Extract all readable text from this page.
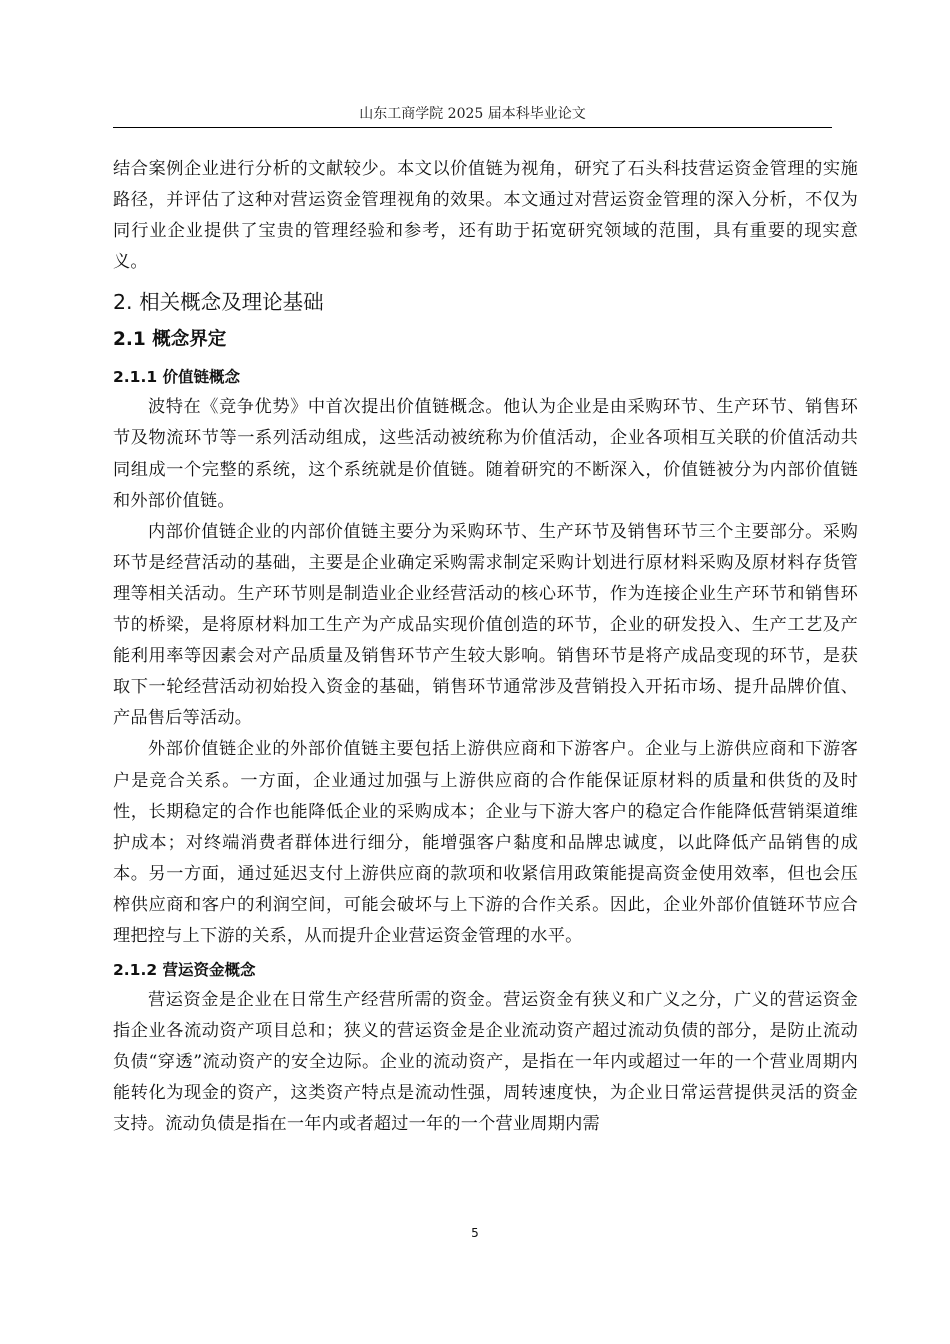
山东工商学院 2025 届本科毕业论文

结合案例企业进行分析的文献较少。本文以价值链为视角，研究了石头科技营运资金管理的实施路径，并评估了这种对营运资金管理视角的效果。本文通过对营运资金管理的深入分析，不仅为同行业企业提供了宝贵的管理经验和参考，还有助于拓宽研究领域的范围，具有重要的现实意义。

2. 相关概念及理论基础
2.1 概念界定
2.1.1 价值链概念

波特在《竞争优势》中首次提出价值链概念。他认为企业是由采购环节、生产环节、销售环节及物流环节等一系列活动组成，这些活动被统称为价值活动，企业各项相互关联的价值活动共同组成一个完整的系统，这个系统就是价值链。随着研究的不断深入，价值链被分为内部价值链和外部价值链。

内部价值链企业的内部价值链主要分为采购环节、生产环节及销售环节三个主要部分。采购环节是经营活动的基础，主要是企业确定采购需求制定采购计划进行原材料采购及原材料存货管理等相关活动。生产环节则是制造业企业经营活动的核心环节，作为连接企业生产环节和销售环节的桥梁，是将原材料加工生产为产成品实现价值创造的环节，企业的研发投入、生产工艺及产能利用率等因素会对产品质量及销售环节产生较大影响。销售环节是将产成品变现的环节，是获取下一轮经营活动初始投入资金的基础，销售环节通常涉及营销投入开拓市场、提升品牌价值、产品售后等活动。

外部价值链企业的外部价值链主要包括上游供应商和下游客户。企业与上游供应商和下游客户是竞合关系。一方面，企业通过加强与上游供应商的合作能保证原材料的质量和供货的及时性，长期稳定的合作也能降低企业的采购成本；企业与下游大客户的稳定合作能降低营销渠道维护成本；对终端消费者群体进行细分，能增强客户黏度和品牌忠诚度，以此降低产品销售的成本。另一方面，通过延迟支付上游供应商的款项和收紧信用政策能提高资金使用效率，但也会压榨供应商和客户的利润空间，可能会破坏与上下游的合作关系。因此，企业外部价值链环节应合理把控与上下游的关系，从而提升企业营运资金管理的水平。

2.1.2 营运资金概念

营运资金是企业在日常生产经营所需的资金。营运资金有狭义和广义之分，广义的营运资金指企业各流动资产项目总和；狭义的营运资金是企业流动资产超过流动负债的部分，是防止流动负债“穿透”流动资产的安全边际。企业的流动资产，是指在一年内或超过一年的一个营业周期内能转化为现金的资产，这类资产特点是流动性强，周转速度快，为企业日常运营提供灵活的资金支持。流动负债是指在一年内或者超过一年的一个营业周期内需

5
